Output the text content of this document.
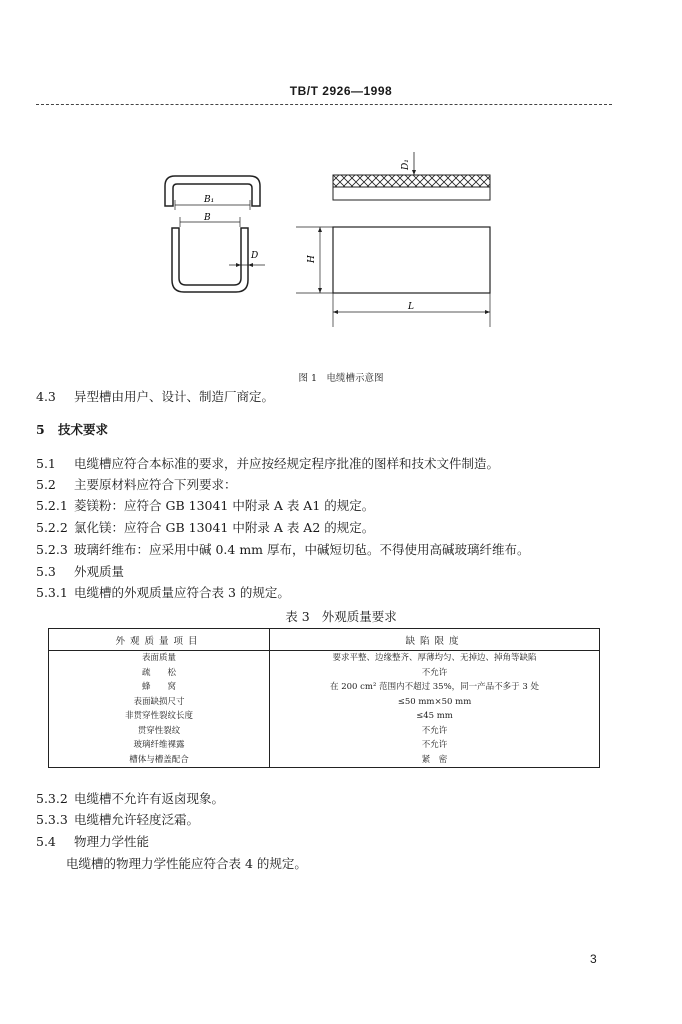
TB/T 2926—1998
B₁
B
D
D₁
H
L
图 1　 电缆槽示意图
4.3 异型槽由用户、设计、制造厂商定。
5 技术要求
5.1 电缆槽应符合本标准的要求，并应按经规定程序批准的图样和技术文件制造。
5.2 主要原材料应符合下列要求：
5.2.1 菱镁粉：应符合 GB 13041 中附录 A 表 A1 的规定。
5.2.2 氯化镁：应符合 GB 13041 中附录 A 表 A2 的规定。
5.2.3 玻璃纤维布：应采用中碱 0.4 mm 厚布，中碱短切毡。不得使用高碱玻璃纤维布。
5.3 外观质量
5.3.1 电缆槽的外观质量应符合表 3 的规定。
表 3 外观质量要求
外观质量项目	缺陷限度
表面质量	要求平整、边缘整齐、厚薄均匀、无掉边、掉角等缺陷
疏　　松	不允许
蜂　　窝	在 200 cm² 范围内不超过 35%，同一产品不多于 3 处
表面缺损尺寸	≤50 mm×50 mm
非贯穿性裂纹长度	≤45 mm
贯穿性裂纹	不允许
玻璃纤维裸露	不允许
槽体与槽盖配合	紧　密
5.3.2 电缆槽不允许有返卤现象。
5.3.3 电缆槽允许轻度泛霜。
5.4 物理力学性能
电缆槽的物理力学性能应符合表 4 的规定。
3
